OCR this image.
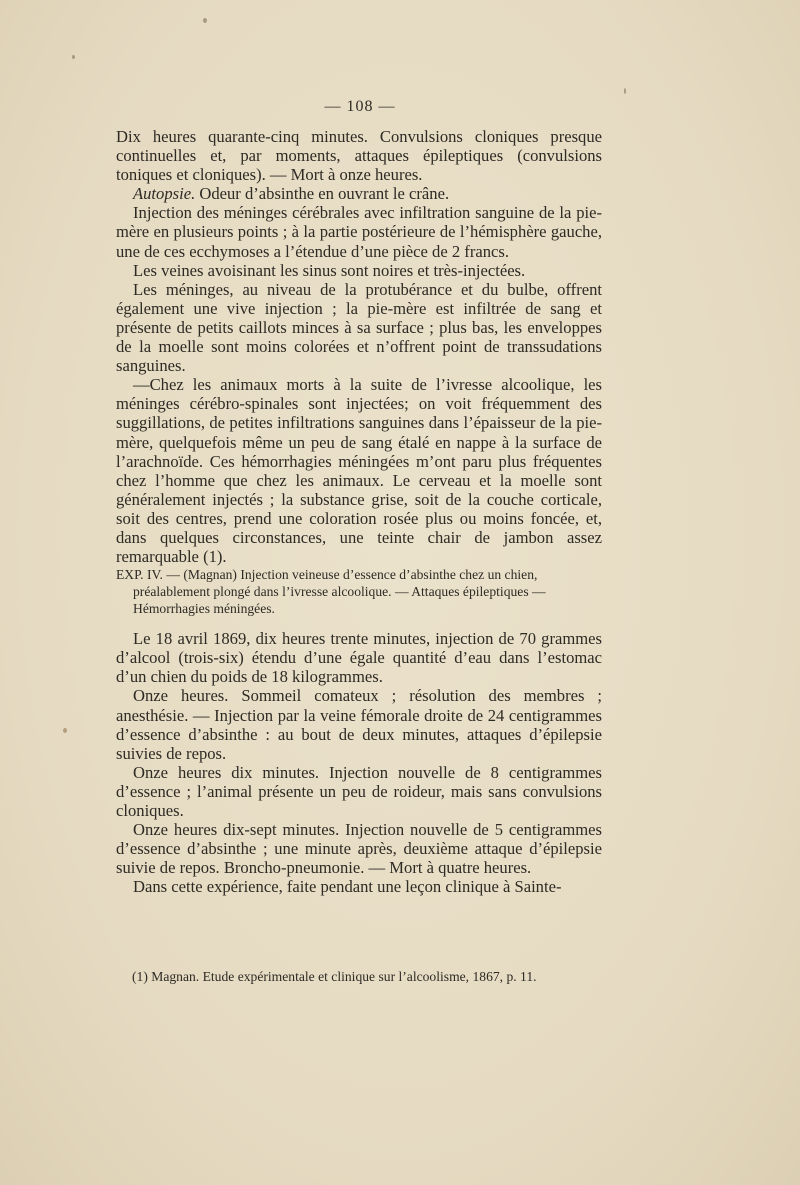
— 108 —

Dix heures quarante-cinq minutes. Convulsions cloniques presque continuelles et, par moments, attaques épileptiques (convulsions toniques et cloniques). — Mort à onze heures.

Autopsie. Odeur d’absinthe en ouvrant le crâne.

Injection des méninges cérébrales avec infiltration sanguine de la pie-mère en plusieurs points ; à la partie postérieure de l’hémisphère gauche, une de ces ecchymoses a l’étendue d’une pièce de 2 francs.

Les veines avoisinant les sinus sont noires et très-injectées.

Les méninges, au niveau de la protubérance et du bulbe, offrent également une vive injection ; la pie-mère est infiltrée de sang et présente de petits caillots minces à sa surface ; plus bas, les enveloppes de la moelle sont moins colorées et n’offrent point de transsudations sanguines.

—Chez les animaux morts à la suite de l’ivresse alcoolique, les méninges cérébro-spinales sont injectées; on voit fréquemment des suggillations, de petites infiltrations sanguines dans l’épaisseur de la pie-mère, quelquefois même un peu de sang étalé en nappe à la surface de l’arachnoïde. Ces hémorrhagies méningées m’ont paru plus fréquentes chez l’homme que chez les animaux. Le cerveau et la moelle sont généralement injectés ; la substance grise, soit de la couche corticale, soit des centres, prend une coloration rosée plus ou moins foncée, et, dans quelques circonstances, une teinte chair de jambon assez remarquable (1).

EXP. IV. — (Magnan) Injection veineuse d’essence d’absinthe chez un chien, préalablement plongé dans l’ivresse alcoolique. — Attaques épileptiques — Hémorrhagies méningées.

Le 18 avril 1869, dix heures trente minutes, injection de 70 grammes d’alcool (trois-six) étendu d’une égale quantité d’eau dans l’estomac d’un chien du poids de 18 kilogrammes.

Onze heures. Sommeil comateux ; résolution des membres ; anesthésie. — Injection par la veine fémorale droite de 24 centigrammes d’essence d’absinthe : au bout de deux minutes, attaques d’épilepsie suivies de repos.

Onze heures dix minutes. Injection nouvelle de 8 centigrammes d’essence ; l’animal présente un peu de roideur, mais sans convulsions cloniques.

Onze heures dix-sept minutes. Injection nouvelle de 5 centigrammes d’essence d’absinthe ; une minute après, deuxième attaque d’épilepsie suivie de repos. Broncho-pneumonie. — Mort à quatre heures.

Dans cette expérience, faite pendant une leçon clinique à Sainte-

(1) Magnan. Etude expérimentale et clinique sur l’alcoolisme, 1867, p. 11.
